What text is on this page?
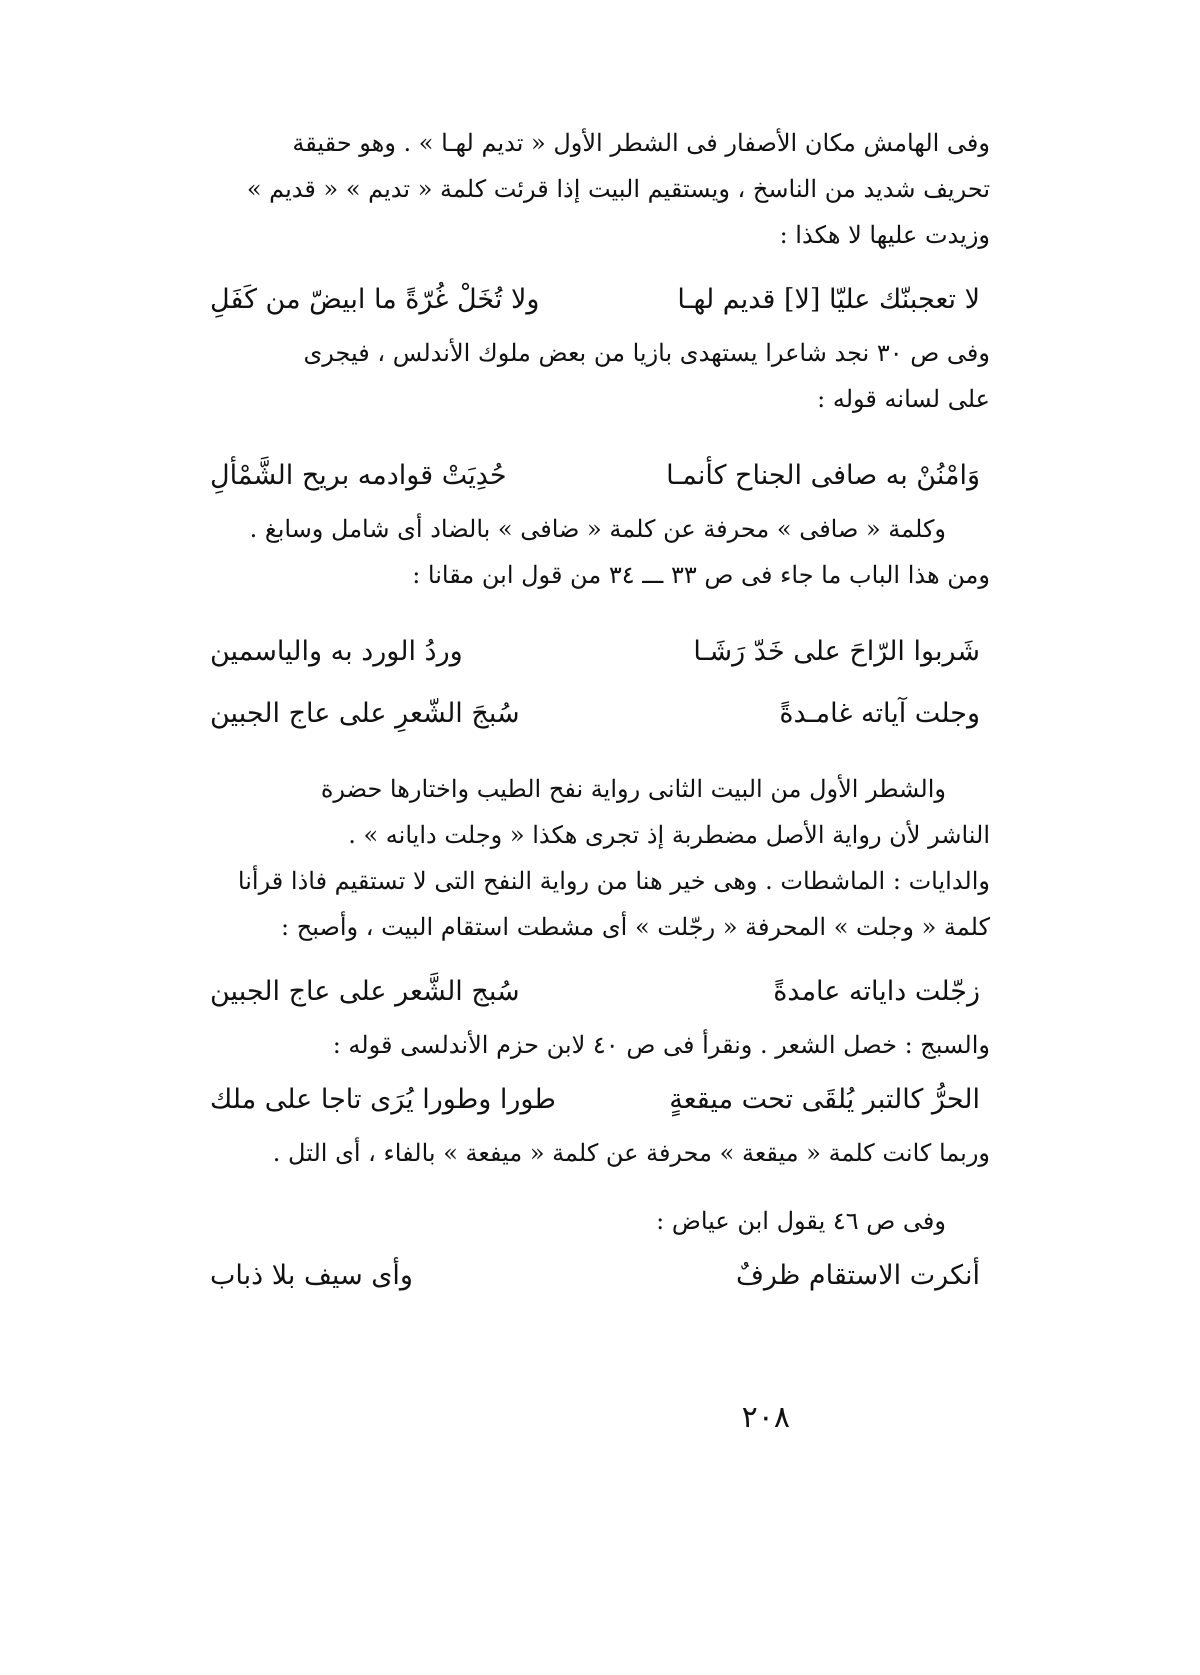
وفى الهامش مكان الأصفار فى الشطر الأول « تديم لهـا » . وهو حقيقة
تحريف شديد من الناسخ ، ويستقيم البيت إذا قرئت كلمة « تديم » « قديم »
وزيدت عليها لا هكذا :
لا تعجبنّك عليّا [لا] قديم لهـا
ولا تُخَلْ غُرّةً ما ابيضّ من كَفَلِ
وفى ص ٣٠ نجد شاعرا يستهدى بازيا من بعض ملوك الأندلس ، فيجرى
على لسانه قوله :
وَامْنُنْ به صافى الجناح كأنمـا
حُدِيَتْ قوادمه بريح الشَّمْألِ
وكلمة « صافى » محرفة عن كلمة « ضافى » بالضاد أى شامل وسابغ .
ومن هذا الباب ما جاء فى ص ٣٣ ـــ ٣٤ من قول ابن مقانا :
شَربوا الرّاحَ على خَدّ رَشَـا
وردُ الورد به والياسمين
وجلت آياته غامـدةً
سُبجَ الشّعرِ على عاج الجبين
والشطر الأول من البيت الثانى رواية نفح الطيب واختارها حضرة
الناشر لأن رواية الأصل مضطربة إذ تجرى هكذا « وجلت دايانه » .
والدايات : الماشطات . وهى خير هنا من رواية النفح التى لا تستقيم فاذا قرأنا
كلمة « وجلت » المحرفة « رجّلت » أى مشطت استقام البيت ، وأصبح :
زجّلت داياته عامدةً
سُبج الشَّعر على عاج الجبين
والسبج : خصل الشعر . ونقرأ فى ص ٤٠ لابن حزم الأندلسى قوله :
الحرُّ كالتبر يُلقَى تحت ميقعةٍ
طورا وطورا يُرَى تاجا على ملك
وربما كانت كلمة « ميقعة » محرفة عن كلمة « ميفعة » بالفاء ، أى التل .
وفى ص ٤٦ يقول ابن عياض :
أنكرت الاستقام ظرفٌ
وأى سيف بلا ذباب
٢٠٨
